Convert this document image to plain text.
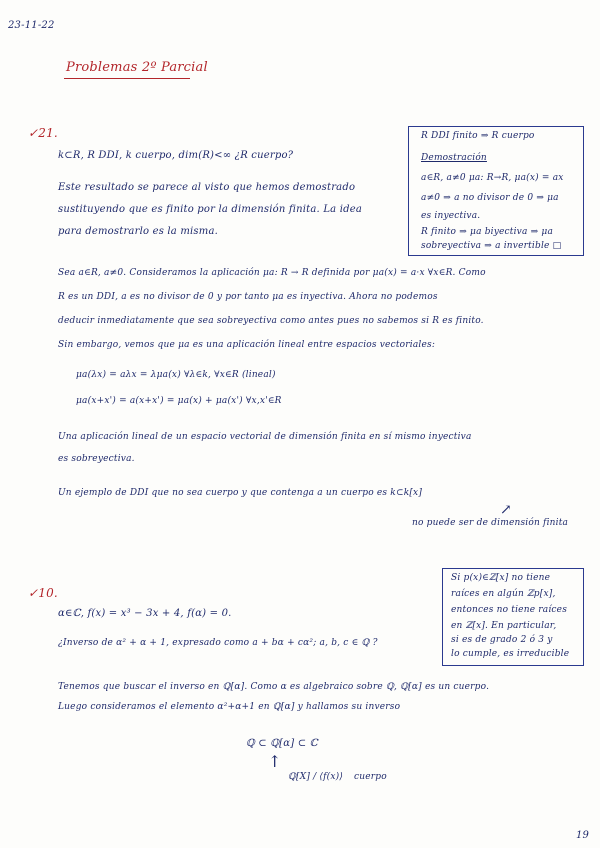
23-11-22
Problemas 2º Parcial
✓21.
k⊂R, R DDI, k cuerpo, dim(R)<∞ ¿R cuerpo?
Este resultado se parece al visto que hemos demostrado
sustituyendo que es finito por la dimensión finita. La idea
para demostrarlo es la misma.
R DDI finito ⇒ R cuerpo
Demostración
a∈R, a≠0 μa: R→R, μa(x) = ax
a≠0 ⇒ a no divisor de 0 ⇒ μa
es inyectiva.
R finito ⇒ μa biyectiva ⇒ μa
sobreyectiva ⇒ a invertible □
Sea a∈R, a≠0. Consideramos la aplicación μa: R → R definida por μa(x) = a·x ∀x∈R. Como
R es un DDI, a es no divisor de 0 y por tanto μa es inyectiva. Ahora no podemos
deducir inmediatamente que sea sobreyectiva como antes pues no sabemos si R es finito.
Sin embargo, vemos que μa es una aplicación lineal entre espacios vectoriales:
μa(λx) = aλx = λμa(x) ∀λ∈k, ∀x∈R (lineal)
μa(x+x') = a(x+x') = μa(x) + μa(x') ∀x,x'∈R
Una aplicación lineal de un espacio vectorial de dimensión finita en sí mismo inyectiva
es sobreyectiva.
Un ejemplo de DDI que no sea cuerpo y que contenga a un cuerpo es k⊂k[x]
↗
no puede ser de dimensión finita
✓10.
α∈ℂ, f(x) = x³ − 3x + 4, f(α) = 0.
¿Inverso de α² + α + 1, expresado como a + bα + cα²; a, b, c ∈ ℚ ?
Si p(x)∈ℤ[x] no tiene
raíces en algún ℤp[x],
entonces no tiene raíces
en ℤ[x]. En particular,
si es de grado 2 ó 3 y
lo cumple, es irreducible
Tenemos que buscar el inverso en ℚ[α]. Como α es algebraico sobre ℚ, ℚ[α] es un cuerpo.
Luego consideramos el elemento α²+α+1 en ℚ[α] y hallamos su inverso
ℚ ⊂ ℚ[α] ⊂ ℂ
↑
ℚ[X] / ⟨f(x)⟩ cuerpo
19
